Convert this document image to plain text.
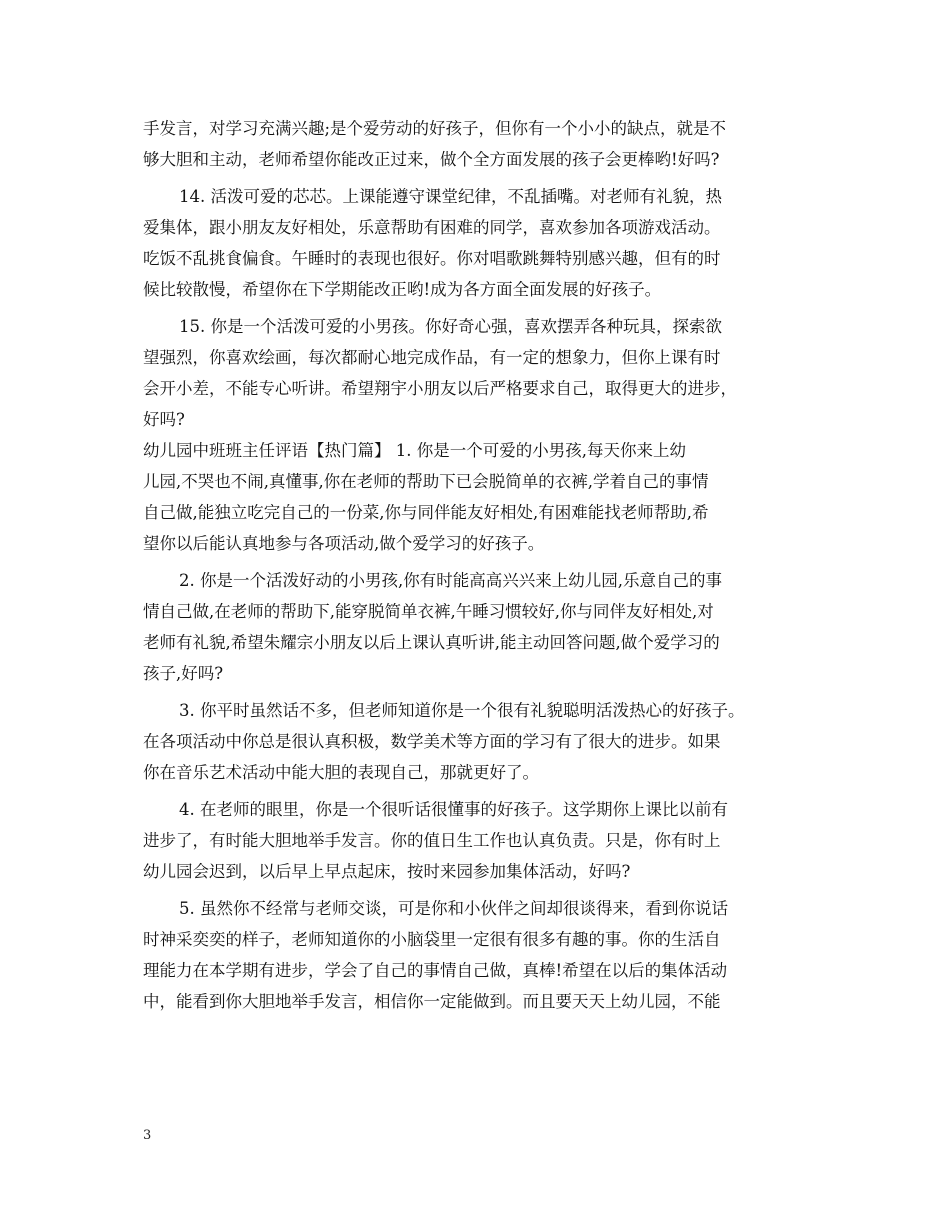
手发言，对学习充满兴趣;是个爱劳动的好孩子，但你有一个小小的缺点，就是不
够大胆和主动，老师希望你能改正过来，做个全方面发展的孩子会更棒哟!好吗?
14. 活泼可爱的芯芯。上课能遵守课堂纪律，不乱插嘴。对老师有礼貌，热
爱集体，跟小朋友友好相处，乐意帮助有困难的同学，喜欢参加各项游戏活动。
吃饭不乱挑食偏食。午睡时的表现也很好。你对唱歌跳舞特别感兴趣，但有的时
候比较散慢，希望你在下学期能改正哟!成为各方面全面发展的好孩子。
15. 你是一个活泼可爱的小男孩。你好奇心强，喜欢摆弄各种玩具，探索欲
望强烈，你喜欢绘画，每次都耐心地完成作品，有一定的想象力，但你上课有时
会开小差，不能专心听讲。希望翔宇小朋友以后严格要求自己，取得更大的进步，
好吗?
幼儿园中班班主任评语【热门篇】 1. 你是一个可爱的小男孩,每天你来上幼
儿园,不哭也不闹,真懂事,你在老师的帮助下已会脱简单的衣裤,学着自己的事情
自己做,能独立吃完自己的一份菜,你与同伴能友好相处,有困难能找老师帮助,希
望你以后能认真地参与各项活动,做个爱学习的好孩子。
2. 你是一个活泼好动的小男孩,你有时能高高兴兴来上幼儿园,乐意自己的事
情自己做,在老师的帮助下,能穿脱简单衣裤,午睡习惯较好,你与同伴友好相处,对
老师有礼貌,希望朱耀宗小朋友以后上课认真听讲,能主动回答问题,做个爱学习的
孩子,好吗?
3. 你平时虽然话不多，但老师知道你是一个很有礼貌聪明活泼热心的好孩子。
在各项活动中你总是很认真积极，数学美术等方面的学习有了很大的进步。如果
你在音乐艺术活动中能大胆的表现自己，那就更好了。
4. 在老师的眼里，你是一个很听话很懂事的好孩子。这学期你上课比以前有
进步了，有时能大胆地举手发言。你的值日生工作也认真负责。只是，你有时上
幼儿园会迟到，以后早上早点起床，按时来园参加集体活动，好吗?
5. 虽然你不经常与老师交谈，可是你和小伙伴之间却很谈得来，看到你说话
时神采奕奕的样子，老师知道你的小脑袋里一定很有很多有趣的事。你的生活自
理能力在本学期有进步，学会了自己的事情自己做，真棒!希望在以后的集体活动
中，能看到你大胆地举手发言，相信你一定能做到。而且要天天上幼儿园，不能
3
